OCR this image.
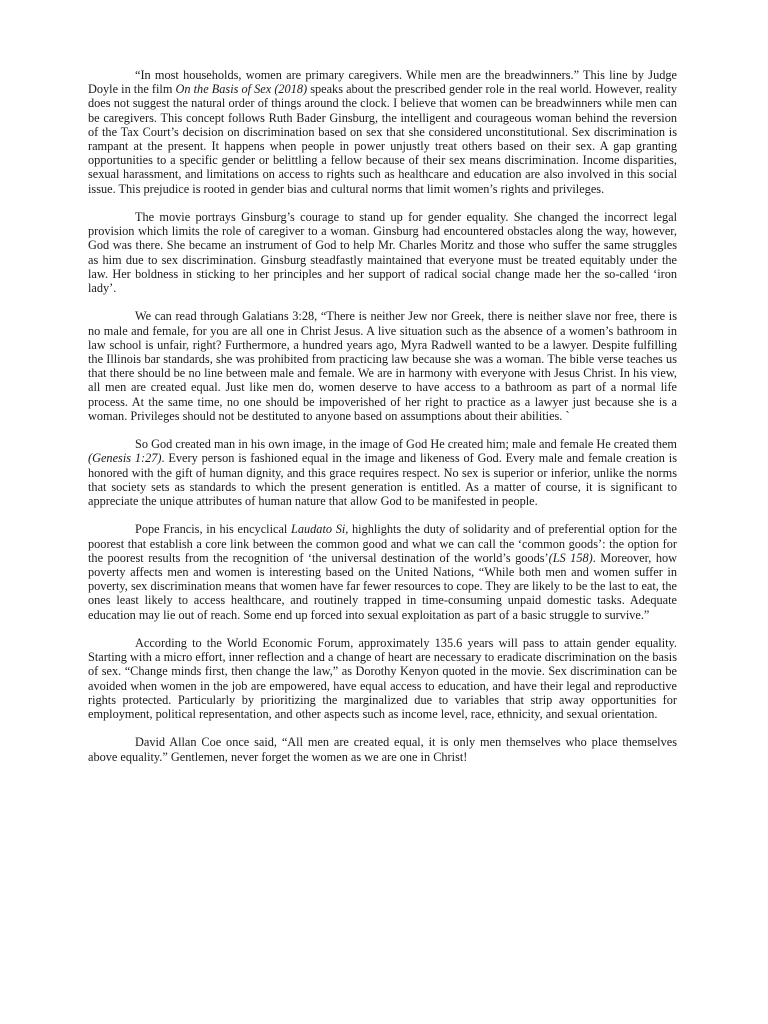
“In most households, women are primary caregivers. While men are the breadwinners.” This line by Judge Doyle in the film On the Basis of Sex (2018) speaks about the prescribed gender role in the real world. However, reality does not suggest the natural order of things around the clock. I believe that women can be breadwinners while men can be caregivers. This concept follows Ruth Bader Ginsburg, the intelligent and courageous woman behind the reversion of the Tax Court’s decision on discrimination based on sex that she considered unconstitutional. Sex discrimination is rampant at the present. It happens when people in power unjustly treat others based on their sex. A gap granting opportunities to a specific gender or belittling a fellow because of their sex means discrimination. Income disparities, sexual harassment, and limitations on access to rights such as healthcare and education are also involved in this social issue. This prejudice is rooted in gender bias and cultural norms that limit women’s rights and privileges.

The movie portrays Ginsburg’s courage to stand up for gender equality. She changed the incorrect legal provision which limits the role of caregiver to a woman. Ginsburg had encountered obstacles along the way, however, God was there. She became an instrument of God to help Mr. Charles Moritz and those who suffer the same struggles as him due to sex discrimination. Ginsburg steadfastly maintained that everyone must be treated equitably under the law. Her boldness in sticking to her principles and her support of radical social change made her the so-called ‘iron lady’.

We can read through Galatians 3:28, “There is neither Jew nor Greek, there is neither slave nor free, there is no male and female, for you are all one in Christ Jesus. A live situation such as the absence of a women’s bathroom in law school is unfair, right? Furthermore, a hundred years ago, Myra Radwell wanted to be a lawyer. Despite fulfilling the Illinois bar standards, she was prohibited from practicing law because she was a woman. The bible verse teaches us that there should be no line between male and female. We are in harmony with everyone with Jesus Christ. In his view, all men are created equal. Just like men do, women deserve to have access to a bathroom as part of a normal life process. At the same time, no one should be impoverished of her right to practice as a lawyer just because she is a woman. Privileges should not be destituted to anyone based on assumptions about their abilities. `

So God created man in his own image, in the image of God He created him; male and female He created them (Genesis 1:27). Every person is fashioned equal in the image and likeness of God. Every male and female creation is honored with the gift of human dignity, and this grace requires respect. No sex is superior or inferior, unlike the norms that society sets as standards to which the present generation is entitled. As a matter of course, it is significant to appreciate the unique attributes of human nature that allow God to be manifested in people.

Pope Francis, in his encyclical Laudato Si, highlights the duty of solidarity and of preferential option for the poorest that establish a core link between the common good and what we can call the ‘common goods’: the option for the poorest results from the recognition of ‘the universal destination of the world’s goods’(LS 158). Moreover, how poverty affects men and women is interesting based on the United Nations, “While both men and women suffer in poverty, sex discrimination means that women have far fewer resources to cope. They are likely to be the last to eat, the ones least likely to access healthcare, and routinely trapped in time-consuming unpaid domestic tasks. Adequate education may lie out of reach. Some end up forced into sexual exploitation as part of a basic struggle to survive.”

According to the World Economic Forum, approximately 135.6 years will pass to attain gender equality. Starting with a micro effort, inner reflection and a change of heart are necessary to eradicate discrimination on the basis of sex. “Change minds first, then change the law,” as Dorothy Kenyon quoted in the movie. Sex discrimination can be avoided when women in the job are empowered, have equal access to education, and have their legal and reproductive rights protected. Particularly by prioritizing the marginalized due to variables that strip away opportunities for employment, political representation, and other aspects such as income level, race, ethnicity, and sexual orientation.

David Allan Coe once said, “All men are created equal, it is only men themselves who place themselves above equality.” Gentlemen, never forget the women as we are one in Christ!
